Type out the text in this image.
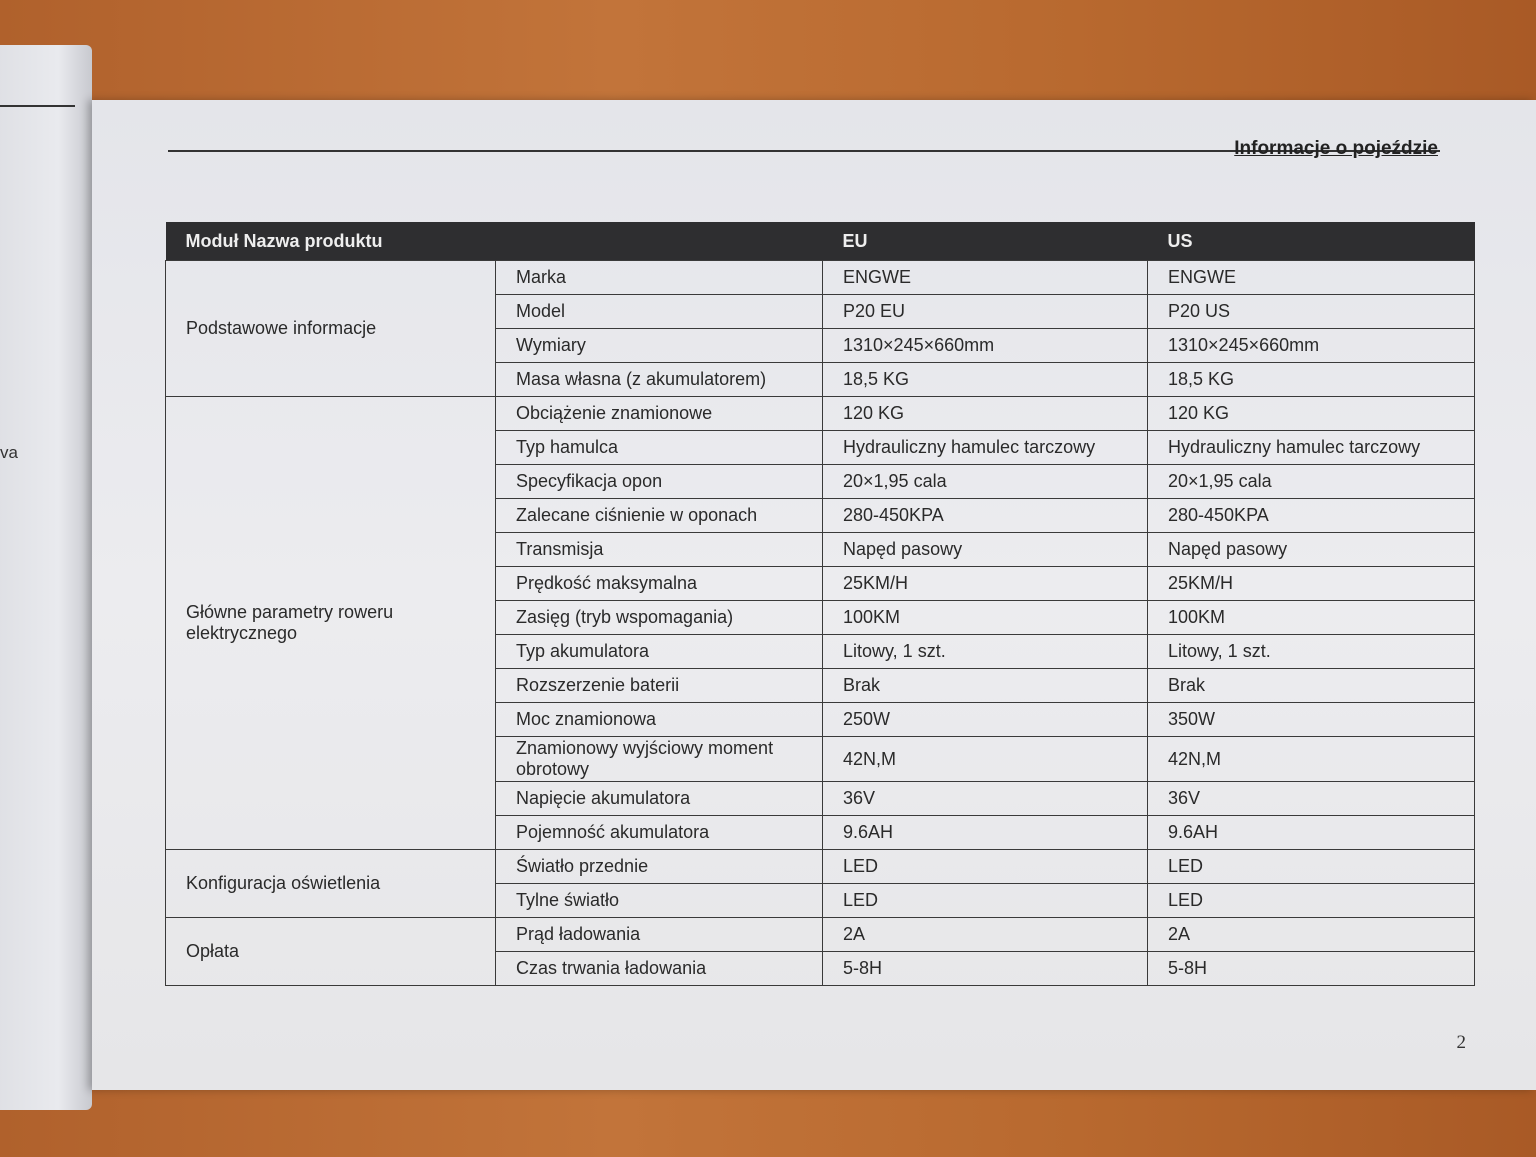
va
Informacje o pojeździe
Moduł Nazwa produktu		EU	US
Podstawowe informacje	Marka	ENGWE	ENGWE
	Model	P20 EU	P20 US
	Wymiary	1310×245×660mm	1310×245×660mm
	Masa własna (z akumulatorem)	18,5 KG	18,5 KG
Główne parametry roweru elektrycznego	Obciążenie znamionowe	120 KG	120 KG
	Typ hamulca	Hydrauliczny hamulec tarczowy	Hydrauliczny hamulec tarczowy
	Specyfikacja opon	20×1,95 cala	20×1,95 cala
	Zalecane ciśnienie w oponach	280-450KPA	280-450KPA
	Transmisja	Napęd pasowy	Napęd pasowy
	Prędkość maksymalna	25KM/H	25KM/H
	Zasięg (tryb wspomagania)	100KM	100KM
	Typ akumulatora	Litowy, 1 szt.	Litowy, 1 szt.
	Rozszerzenie baterii	Brak	Brak
	Moc znamionowa	250W	350W
	Znamionowy wyjściowy moment obrotowy	42N,M	42N,M
	Napięcie akumulatora	36V	36V
	Pojemność akumulatora	9.6AH	9.6AH
Konfiguracja oświetlenia	Światło przednie	LED	LED
	Tylne światło	LED	LED
Opłata	Prąd ładowania	2A	2A
	Czas trwania ładowania	5-8H	5-8H
2
